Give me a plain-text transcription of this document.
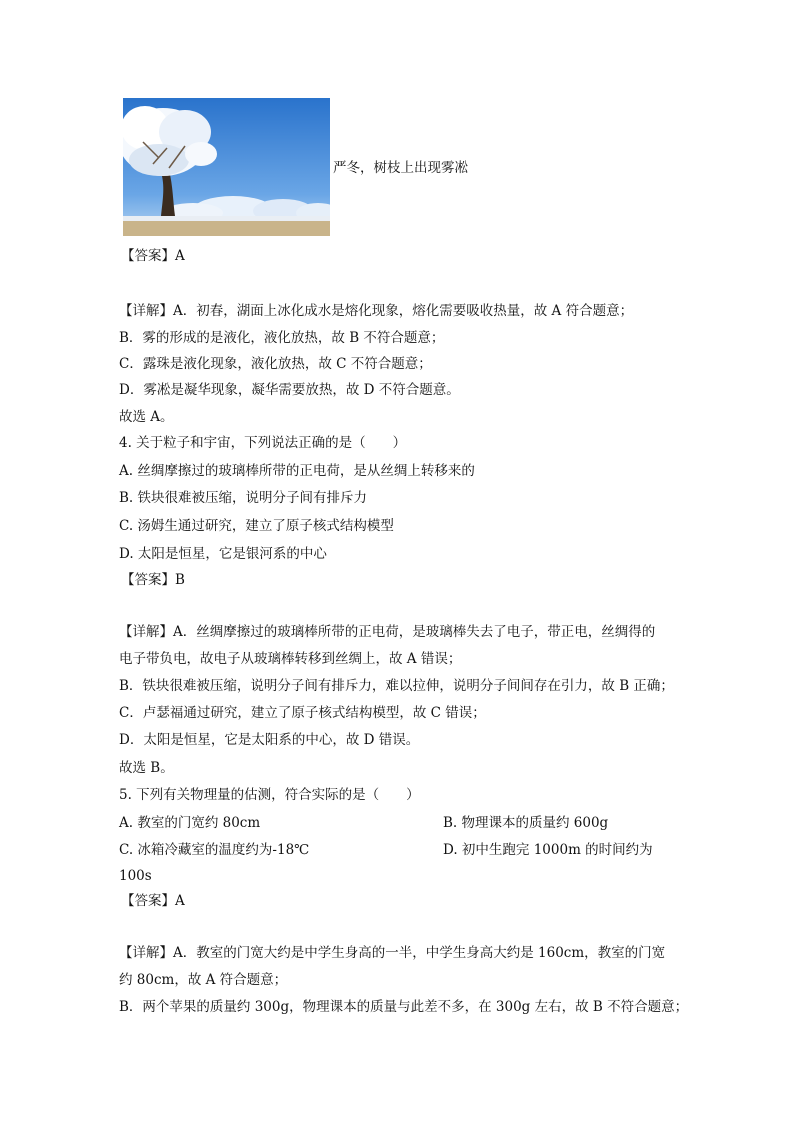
严冬，树枝上出现雾凇
【答案】A
【详解】A．初春，湖面上冰化成水是熔化现象，熔化需要吸收热量，故 A 符合题意；
B．雾的形成的是液化，液化放热，故 B 不符合题意；
C．露珠是液化现象，液化放热，故 C 不符合题意；
D．雾凇是凝华现象，凝华需要放热，故 D 不符合题意。
故选 A。
4. 关于粒子和宇宙，下列说法正确的是（　　）
A. 丝绸摩擦过的玻璃棒所带的正电荷，是从丝绸上转移来的
B. 铁块很难被压缩，说明分子间有排斥力
C. 汤姆生通过研究，建立了原子核式结构模型
D. 太阳是恒星，它是银河系的中心
【答案】B
【详解】A．丝绸摩擦过的玻璃棒所带的正电荷，是玻璃棒失去了电子，带正电，丝绸得的
电子带负电，故电子从玻璃棒转移到丝绸上，故 A 错误；
B．铁块很难被压缩，说明分子间有排斥力，难以拉伸，说明分子间间存在引力，故 B 正确；
C．卢瑟福通过研究，建立了原子核式结构模型，故 C 错误；
D．太阳是恒星，它是太阳系的中心，故 D 错误。
故选 B。
5. 下列有关物理量的估测，符合实际的是（　　）
A. 教室的门宽约 80cm	B. 物理课本的质量约 600g
C. 冰箱冷藏室的温度约为-18℃	D. 初中生跑完 1000m 的时间约为
100s
【答案】A
【详解】A．教室的门宽大约是中学生身高的一半，中学生身高大约是 160cm，教室的门宽
约 80cm，故 A 符合题意；
B．两个苹果的质量约 300g，物理课本的质量与此差不多，在 300g 左右，故 B 不符合题意；
